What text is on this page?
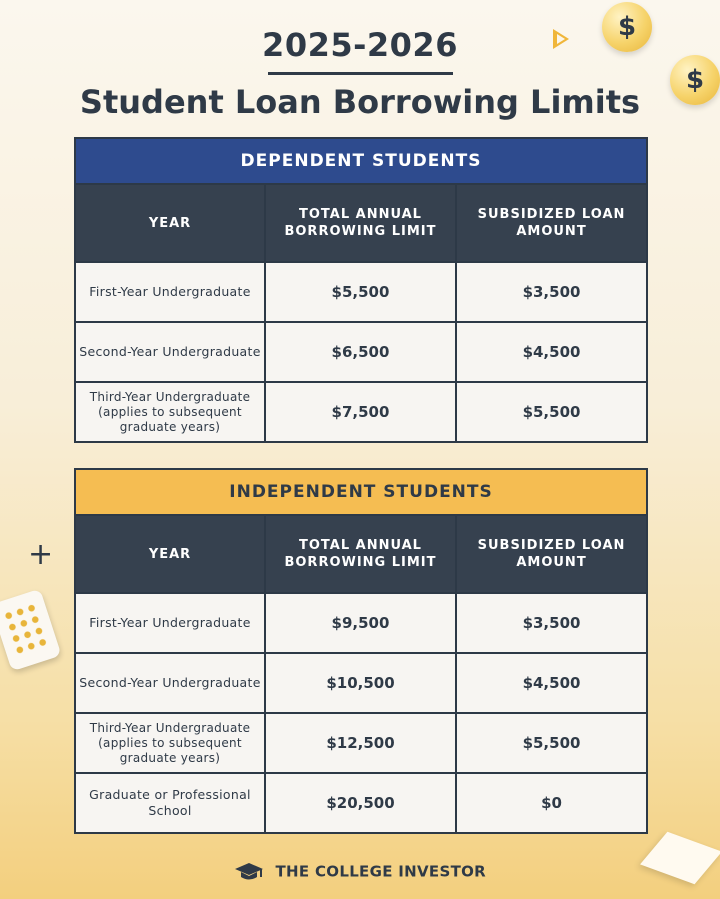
$
$
+
2025-2026
Student Loan Borrowing Limits
DEPENDENT STUDENTS		
YEAR	TOTAL ANNUAL BORROWING LIMIT	SUBSIDIZED LOAN AMOUNT
First-Year Undergraduate	$5,500	$3,500
Second-Year Undergraduate	$6,500	$4,500
Third-Year Undergraduate (applies to subsequent graduate years)	$7,500	$5,500
INDEPENDENT STUDENTS		
YEAR	TOTAL ANNUAL BORROWING LIMIT	SUBSIDIZED LOAN AMOUNT
First-Year Undergraduate	$9,500	$3,500
Second-Year Undergraduate	$10,500	$4,500
Third-Year Undergraduate (applies to subsequent graduate years)	$12,500	$5,500
Graduate or Professional School	$20,500	$0
THE COLLEGE INVESTOR
